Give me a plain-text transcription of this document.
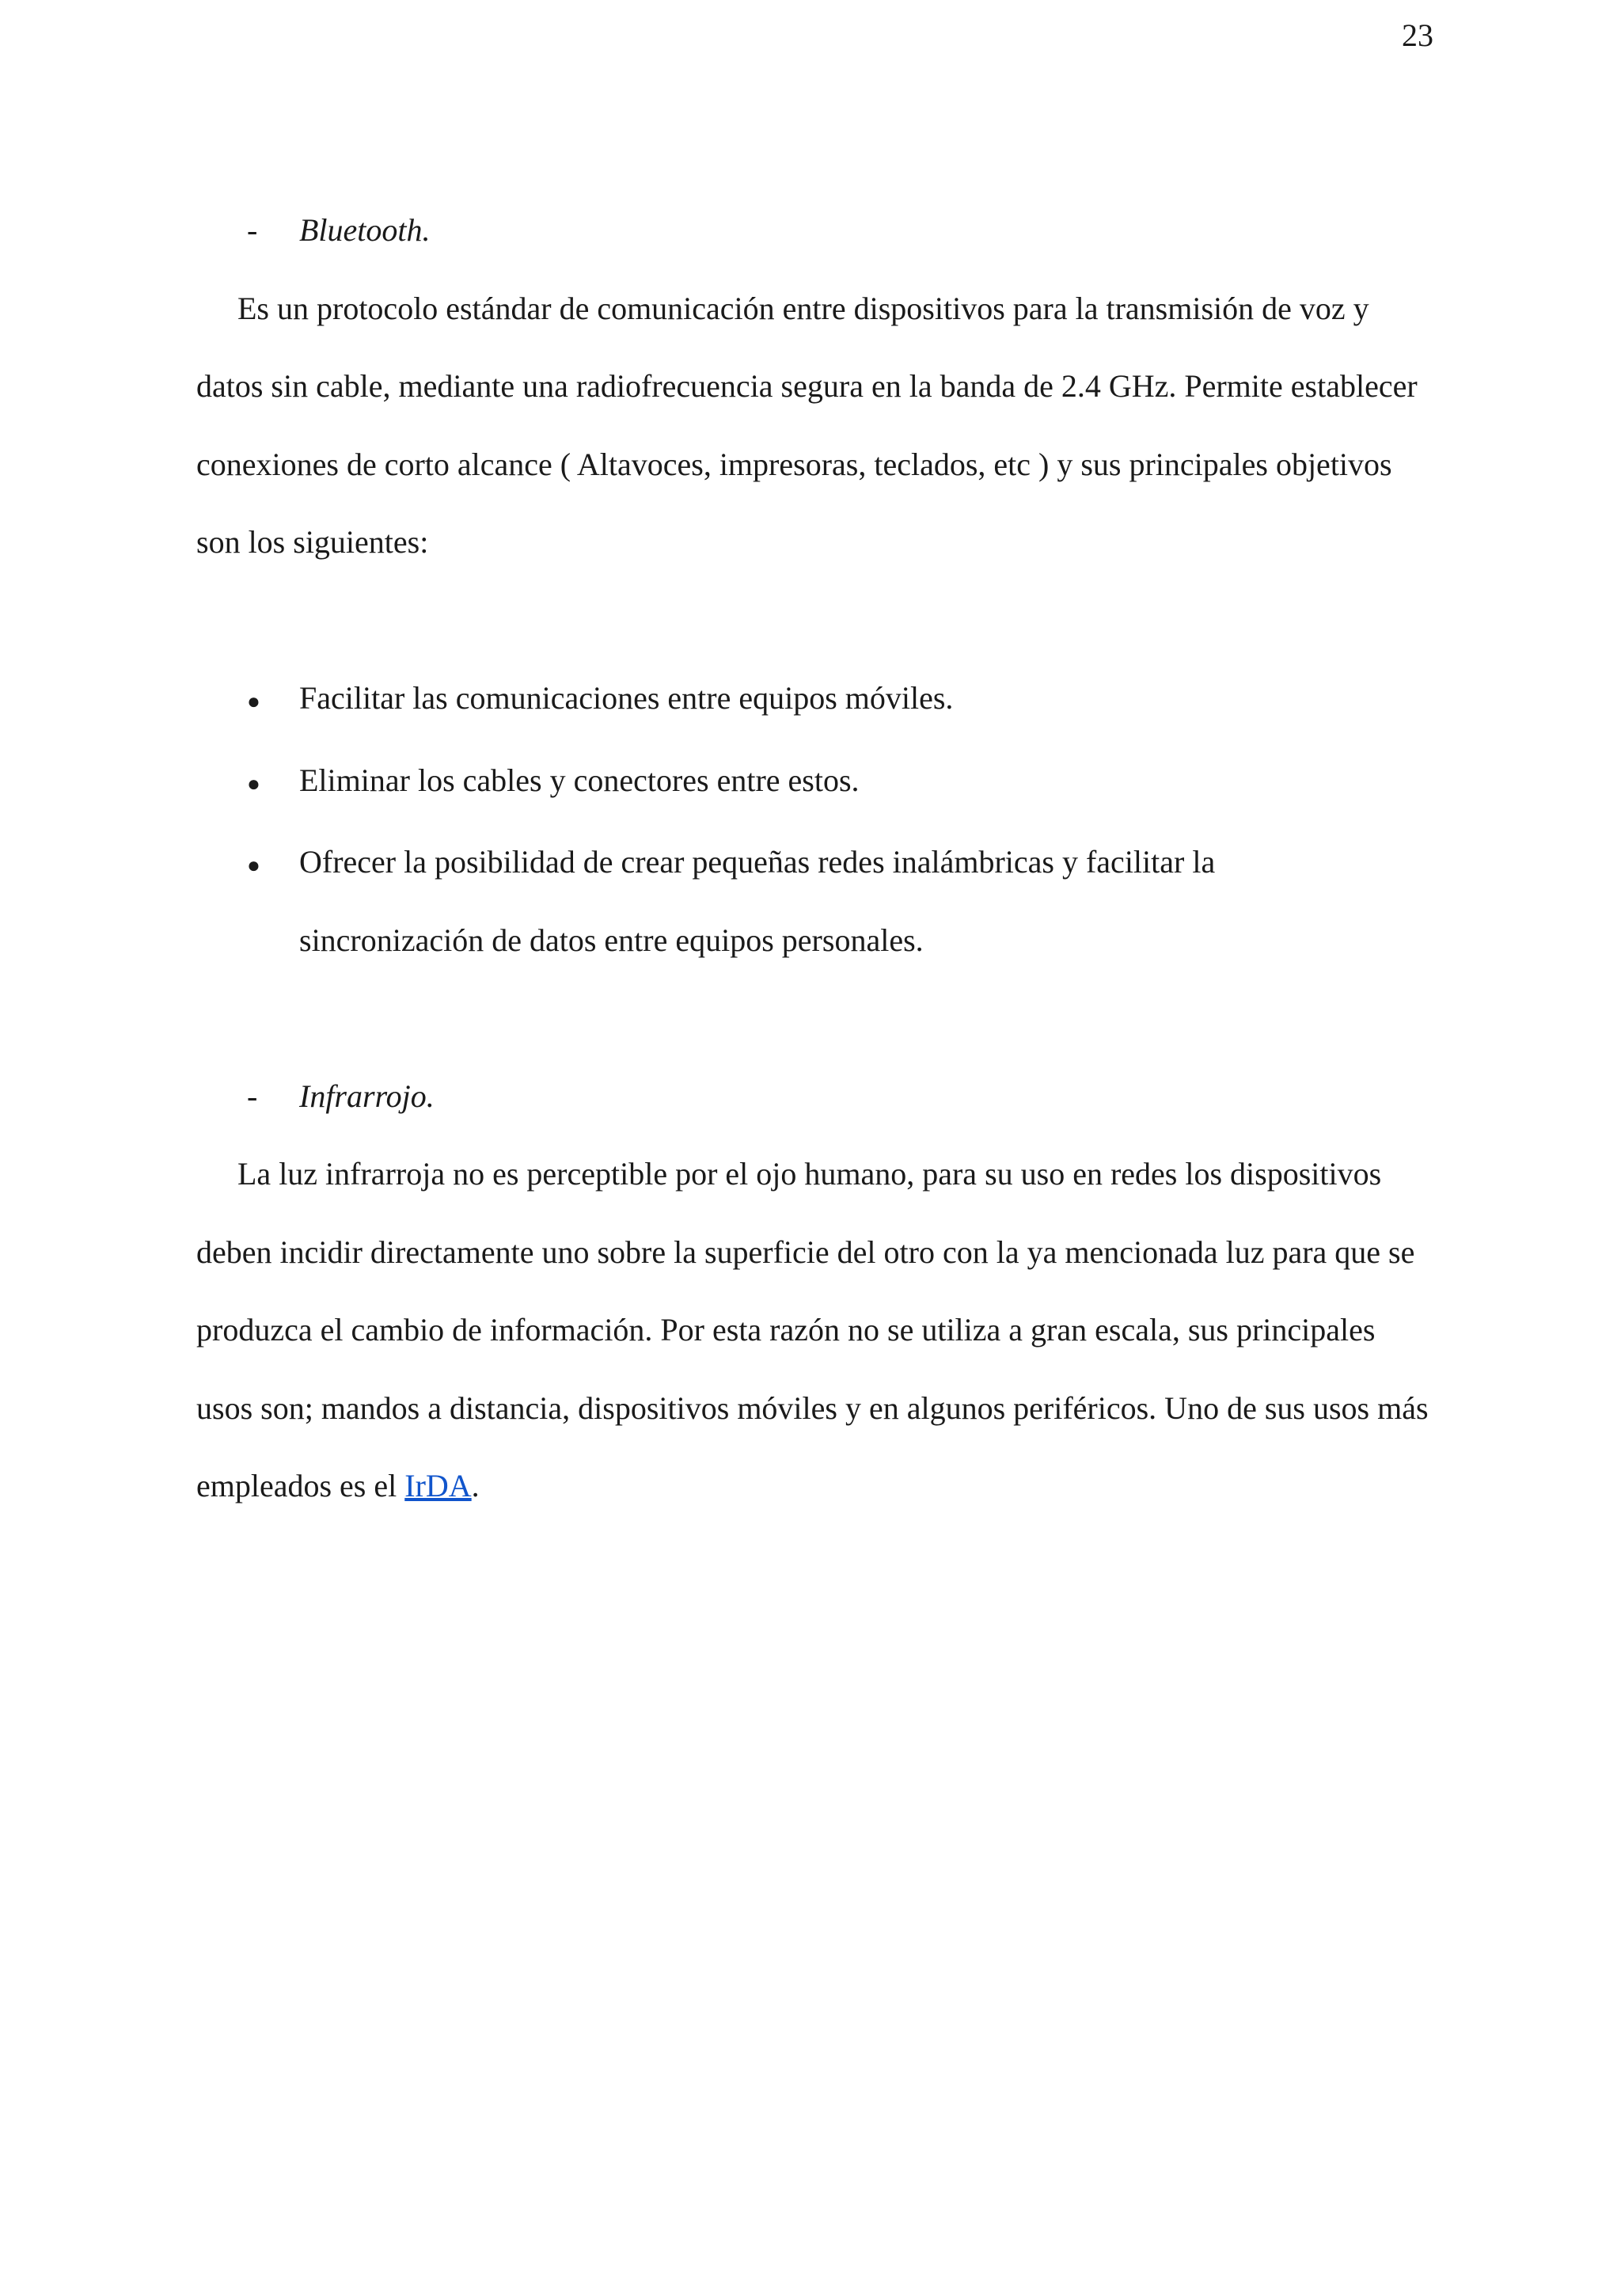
23
-	Bluetooth.

Es un protocolo estándar de comunicación entre dispositivos para la transmisión de voz y datos sin cable, mediante una radiofrecuencia segura en la banda de 2.4 GHz. Permite establecer conexiones de corto alcance ( Altavoces, impresoras, teclados, etc ) y sus principales objetivos son los siguientes:

●	Facilitar las comunicaciones entre equipos móviles.
●	Eliminar los cables y conectores entre estos.
●	Ofrecer la posibilidad de crear pequeñas redes inalámbricas y facilitar la sincronización de datos entre equipos personales.
-	Infrarrojo.

La luz infrarroja no es perceptible por el ojo humano, para su uso en redes los dispositivos deben incidir directamente uno sobre la superficie del otro con la ya mencionada luz para que se produzca el cambio de información. Por esta razón no se utiliza a gran escala, sus principales usos son; mandos a distancia, dispositivos móviles y en algunos periféricos. Uno de sus usos más empleados es el IrDA.
